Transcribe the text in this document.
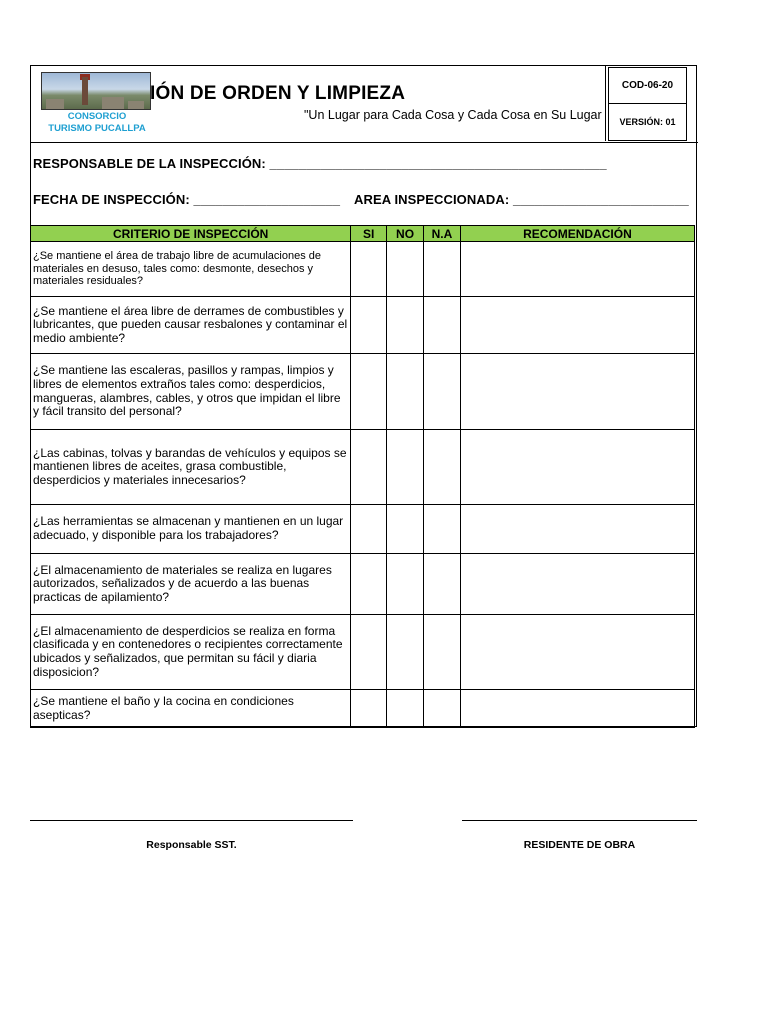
CONSORCIO
TURISMO PUCALLPA
IÓN DE ORDEN Y LIMPIEZA
"Un Lugar para Cada Cosa y Cada Cosa en Su Lugar
COD-06-20
VERSIÓN: 01
RESPONSABLE DE LA INSPECCIÓN: ______________________________________________
FECHA DE INSPECCIÓN: ____________________ AREA INSPECCIONADA: ________________________
CRITERIO DE INSPECCIÓN	SI	NO	N.A	RECOMENDACIÓN
¿Se mantiene el área de trabajo libre de acumulaciones de materiales en desuso, tales como: desmonte, desechos y materiales residuales?				
¿Se mantiene el área libre de derrames de combustibles y lubricantes, que pueden causar resbalones y contaminar el medio ambiente?				
¿Se mantiene las escaleras, pasillos y rampas, limpios y libres de elementos extraños tales como: desperdicios, mangueras, alambres, cables, y otros que impidan el libre y fácil transito del personal?				
¿Las cabinas, tolvas y barandas de vehículos y equipos se mantienen libres de aceites, grasa combustible, desperdicios y materiales innecesarios?				
¿Las herramientas se almacenan y mantienen en un lugar adecuado, y disponible para los trabajadores?				
¿El almacenamiento de materiales se realiza en lugares autorizados, señalizados y de acuerdo a las buenas practicas de apilamiento?				
¿El almacenamiento de desperdicios se realiza en forma clasificada y en contenedores o recipientes correctamente ubicados y señalizados, que permitan su fácil y diaria disposicion?				
¿Se mantiene el baño y la cocina en condiciones asepticas?				
Responsable SST.	RESIDENTE DE OBRA
